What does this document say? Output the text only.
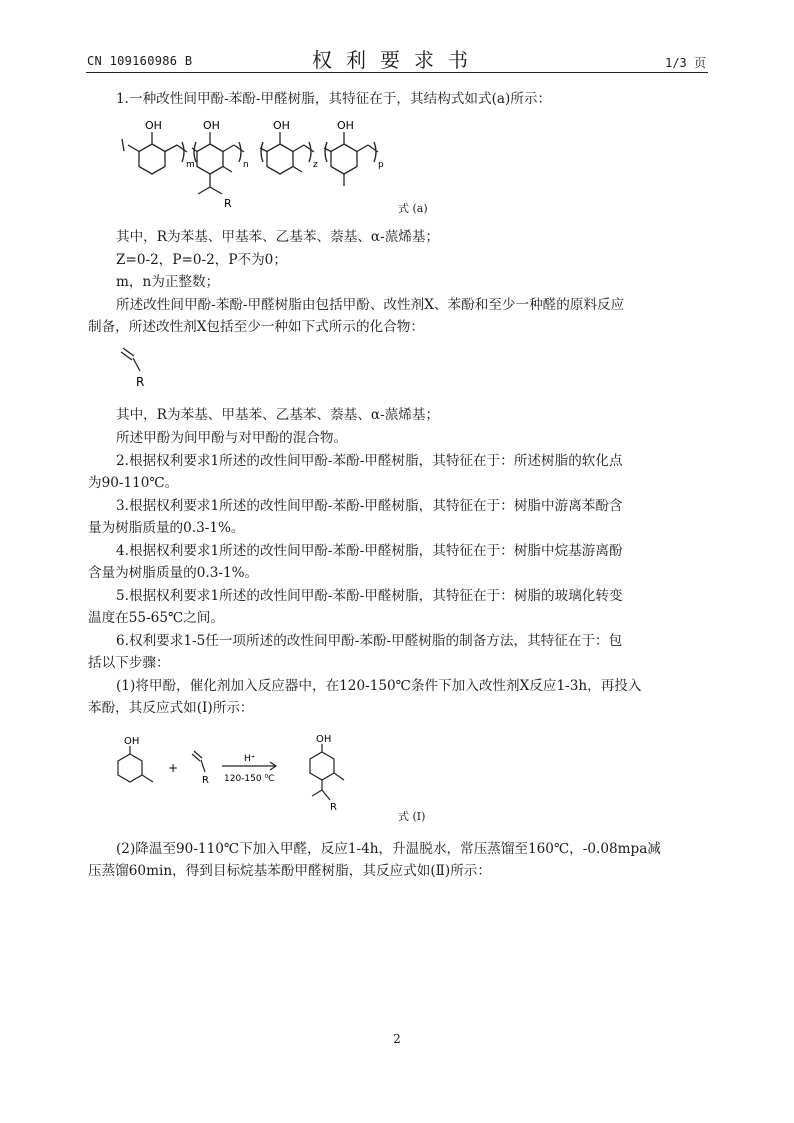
CN 109160986 B	权利要求书	1/3 页
1.一种改性间甲酚-苯酚-甲醛树脂，其特征在于，其结构式如式(a)所示：
OH	OH	OH	OH
m	n	z	p
R	式 (a)
其中，R为苯基、甲基苯、乙基苯、萘基、α-蒎烯基；
Z=0-2，P=0-2，P不为0；
m，n为正整数；
所述改性间甲酚-苯酚-甲醛树脂由包括甲酚、改性剂X、苯酚和至少一种醛的原料反应
制备，所述改性剂X包括至少一种如下式所示的化合物：
R
其中，R为苯基、甲基苯、乙基苯、萘基、α-蒎烯基；
所述甲酚为间甲酚与对甲酚的混合物。
2.根据权利要求1所述的改性间甲酚-苯酚-甲醛树脂，其特征在于：所述树脂的软化点
为90-110℃。
3.根据权利要求1所述的改性间甲酚-苯酚-甲醛树脂，其特征在于：树脂中游离苯酚含
量为树脂质量的0.3-1%。
4.根据权利要求1所述的改性间甲酚-苯酚-甲醛树脂，其特征在于：树脂中烷基游离酚
含量为树脂质量的0.3-1%。
5.根据权利要求1所述的改性间甲酚-苯酚-甲醛树脂，其特征在于：树脂的玻璃化转变
温度在55-65℃之间。
6.权利要求1-5任一项所述的改性间甲酚-苯酚-甲醛树脂的制备方法，其特征在于：包
括以下步骤：
(1)将甲酚，催化剂加入反应器中，在120-150℃条件下加入改性剂X反应1-3h，再投入
苯酚，其反应式如(I)所示：
OH
+
R
H⁺
120-150 ⁰C
OH
R
式 (Ⅰ)
(2)降温至90-110℃下加入甲醛，反应1-4h，升温脱水，常压蒸馏至160℃，-0.08mpa减
压蒸馏60min，得到目标烷基苯酚甲醛树脂，其反应式如(Ⅱ)所示：
2
